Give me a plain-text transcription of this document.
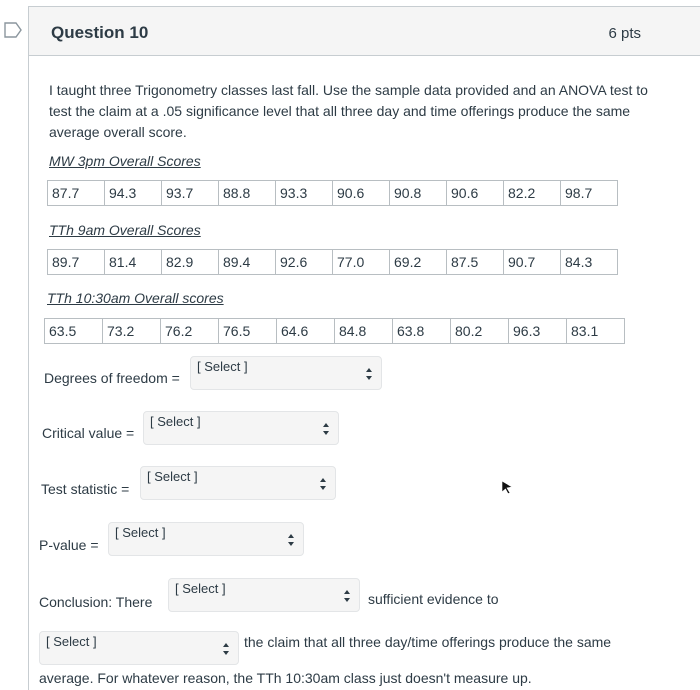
Question 10	6 pts
I taught three Trigonometry classes last fall. Use the sample data provided and an ANOVA test to test the claim at a .05 significance level that all three day and time offerings produce the same average overall score.
MW 3pm Overall Scores
87.7	94.3	93.7	88.8	93.3	90.6	90.8	90.6	82.2	98.7
TTh 9am Overall Scores
89.7	81.4	82.9	89.4	92.6	77.0	69.2	87.5	90.7	84.3
TTh 10:30am Overall scores
63.5	73.2	76.2	76.5	64.6	84.8	63.8	80.2	96.3	83.1
Degrees of freedom =
[ Select ]
Critical value =
[ Select ]
Test statistic =
[ Select ]
P-value =
[ Select ]
Conclusion: There
[ Select ]
sufficient evidence to
[ Select ]	the claim that all three day/time offerings produce the same
average. For whatever reason, the TTh 10:30am class just doesn't measure up.
